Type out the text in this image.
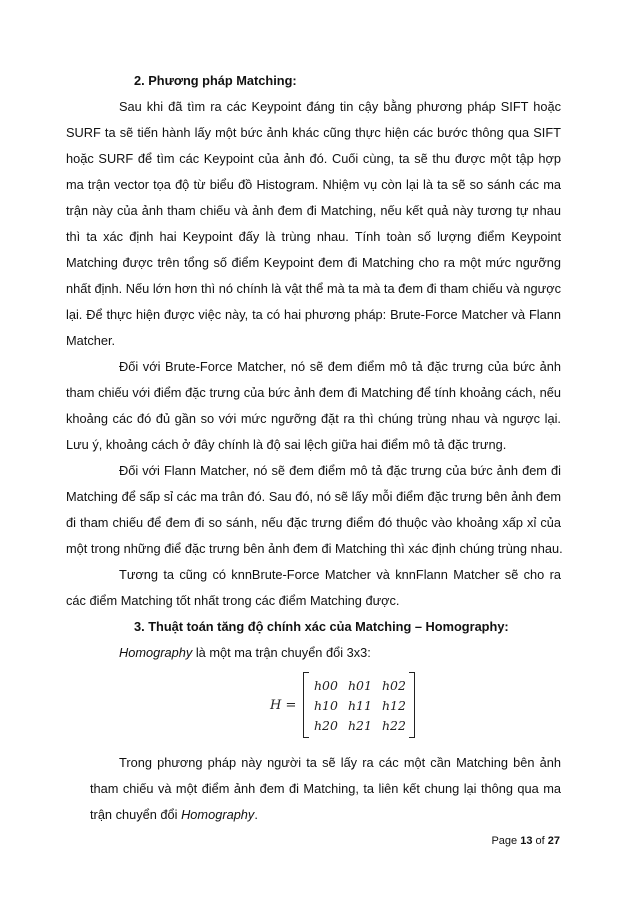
2. Phương pháp Matching:
Sau khi đã tìm ra các Keypoint đáng tin cậy bằng phương pháp SIFT hoặc
SURF ta sẽ tiến hành lấy một bức ảnh khác cũng thực hiện các bước thông qua SIFT
hoặc SURF để tìm các Keypoint của ảnh đó. Cuối cùng, ta sẽ thu được một tập hợp
ma trận vector tọa độ từ biểu đồ Histogram. Nhiệm vụ còn lại là ta sẽ so sánh các ma
trận này của ảnh tham chiếu và ảnh đem đi Matching, nếu kết quả này tương tự nhau
thì ta xác định hai Keypoint đấy là trùng nhau. Tính toàn số lượng điểm Keypoint
Matching được trên tổng số điểm Keypoint đem đi Matching cho ra một mức ngưỡng
nhất định. Nếu lớn hơn thì nó chính là vật thể mà ta mà ta đem đi tham chiếu và ngược
lại. Để thực hiện được việc này, ta có hai phương pháp: Brute-Force Matcher và Flann
Matcher.
Đối với Brute-Force Matcher, nó sẽ đem điểm mô tả đặc trưng của bức ảnh
tham chiếu với điểm đặc trưng của bức ảnh đem đi Matching để tính khoảng cách, nếu
khoảng các đó đủ gần so với mức ngưỡng đặt ra thì chúng trùng nhau và ngược lại.
Lưu ý, khoảng cách ở đây chính là độ sai lệch giữa hai điểm mô tả đặc trưng.
Đối với Flann Matcher, nó sẽ đem điểm mô tả đặc trưng của bức ảnh đem đi
Matching để sấp sỉ các ma trân đó. Sau đó, nó sẽ lấy mỗi điểm đặc trưng bên ảnh đem
đi tham chiếu để đem đi so sánh, nếu đặc trưng điểm đó thuộc vào khoảng xấp xỉ của
một trong những điể đặc trưng bên ảnh đem đi Matching thì xác định chúng trùng nhau.
Tương ta cũng có knnBrute-Force Matcher và knnFlann Matcher sẽ cho ra
các điểm Matching tốt nhất trong các điểm Matching được.
3. Thuật toán tăng độ chính xác của Matching – Homography:
Homography là một ma trận chuyển đổi 3x3:
H =
h00 h01 h02
h10 h11 h12
h20 h21 h22
Trong phương pháp này người ta sẽ lấy ra các một cần Matching bên ảnh
tham chiếu và một điểm ảnh đem đi Matching, ta liên kết chung lại thông qua ma
trận chuyển đổi Homography.
Page 13 of 27
